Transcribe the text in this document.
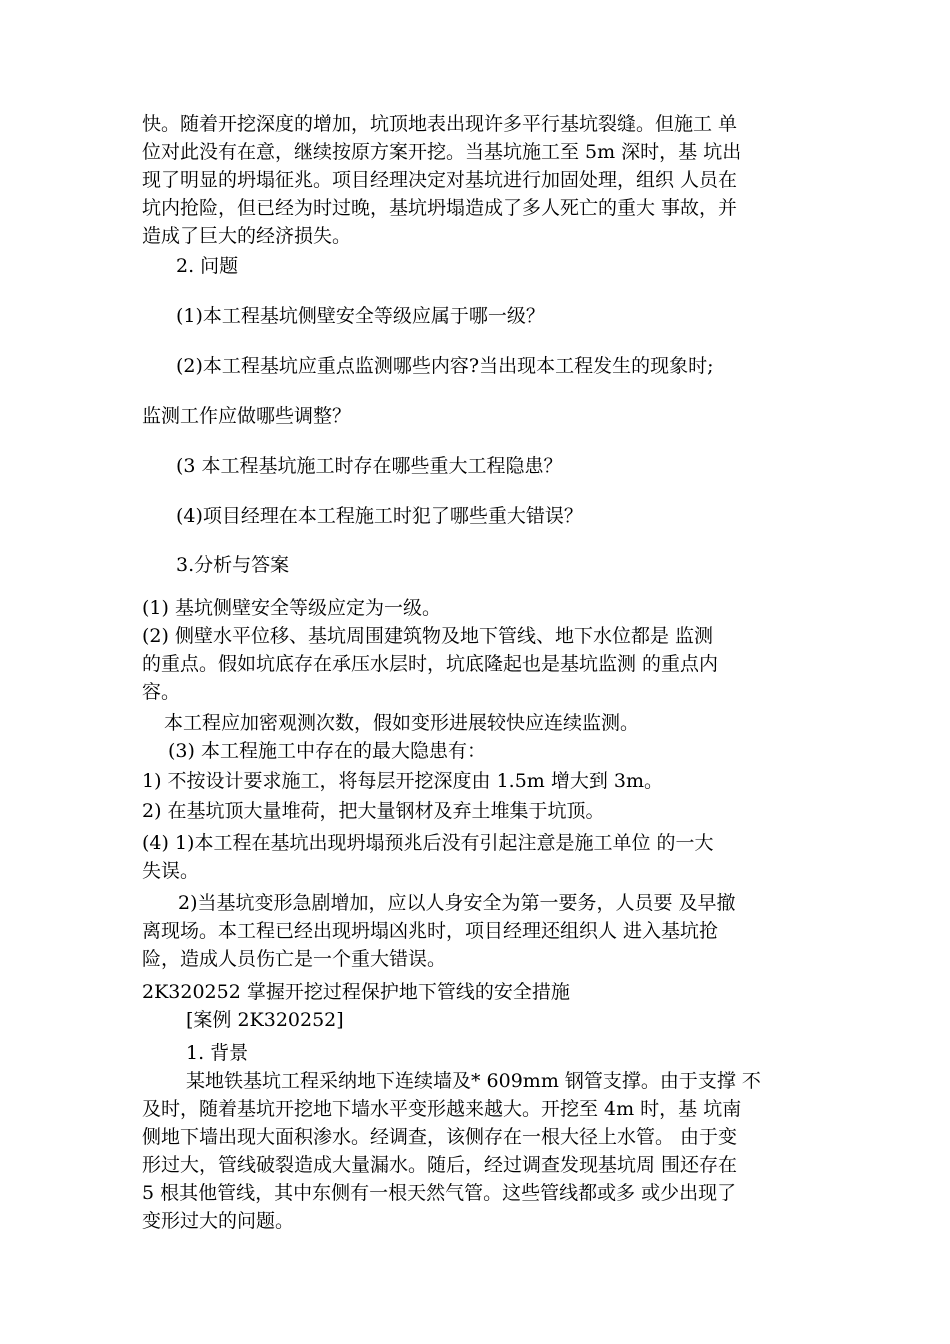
快。随着开挖深度的增加，坑顶地表出现许多平行基坑裂缝。但施工 单
位对此没有在意，继续按原方案开挖。当基坑施工至 5m 深时，基 坑出
现了明显的坍塌征兆。项目经理决定对基坑进行加固处理，组织 人员在
坑内抢险，但已经为时过晚，基坑坍塌造成了多人死亡的重大 事故，并
造成了巨大的经济损失。
2. 问题
(1)本工程基坑侧壁安全等级应属于哪一级？
(2)本工程基坑应重点监测哪些内容?当出现本工程发生的现象时;
监测工作应做哪些调整？
(3 本工程基坑施工时存在哪些重大工程隐患？
(4)项目经理在本工程施工时犯了哪些重大错误？
3.分析与答案
(1) 基坑侧壁安全等级应定为一级。
(2) 侧壁水平位移、基坑周围建筑物及地下管线、地下水位都是 监测
的重点。假如坑底存在承压水层时，坑底隆起也是基坑监测 的重点内
容。
本工程应加密观测次数，假如变形进展较快应连续监测。
(3) 本工程施工中存在的最大隐患有：
1) 不按设计要求施工，将每层开挖深度由 1.5m 增大到 3m。
2) 在基坑顶大量堆荷，把大量钢材及弃土堆集于坑顶。
(4) 1)本工程在基坑出现坍塌预兆后没有引起注意是施工单位 的一大
失误。
2)当基坑变形急剧增加，应以人身安全为第一要务，人员要 及早撤
离现场。本工程已经出现坍塌凶兆时，项目经理还组织人 进入基坑抢
险，造成人员伤亡是一个重大错误。
2K320252 掌握开挖过程保护地下管线的安全措施
[案例 2K320252]
1. 背景
某地铁基坑工程采纳地下连续墙及* 609mm 钢管支撑。由于支撑 不
及时，随着基坑开挖地下墙水平变形越来越大。开挖至 4m 时，基 坑南
侧地下墙出现大面积渗水。经调查，该侧存在一根大径上水管。 由于变
形过大，管线破裂造成大量漏水。随后，经过调查发现基坑周 围还存在
5 根其他管线，其中东侧有一根天然气管。这些管线都或多 或少出现了
变形过大的问题。
